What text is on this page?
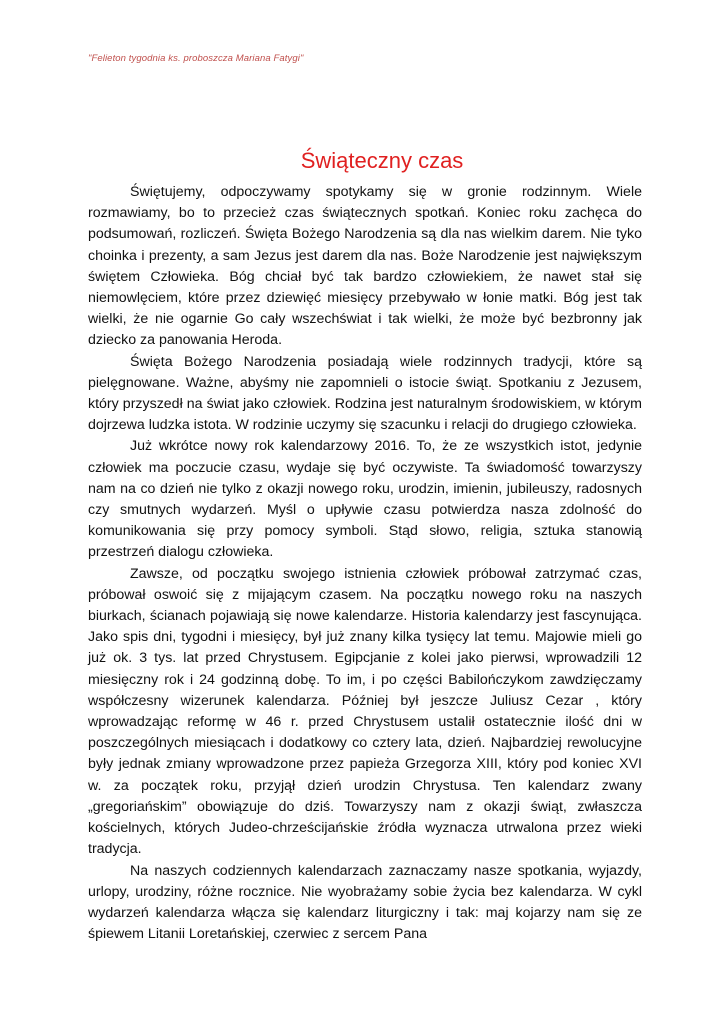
"Felieton tygodnia ks. proboszcza Mariana Fatygi"
Świąteczny czas

Świętujemy, odpoczywamy spotykamy się w gronie rodzinnym. Wiele rozmawiamy, bo to przecież czas świątecznych spotkań. Koniec roku zachęca do podsumowań, rozliczeń. Święta Bożego Narodzenia są dla nas wielkim darem. Nie tyko choinka i prezenty, a sam Jezus jest darem dla nas. Boże Narodzenie jest największym świętem Człowieka. Bóg chciał być tak bardzo człowiekiem, że nawet stał się niemowlęciem, które przez dziewięć miesięcy przebywało w łonie matki. Bóg jest tak wielki, że nie ogarnie Go cały wszechświat i tak wielki, że może być bezbronny jak dziecko za panowania Heroda.

Święta Bożego Narodzenia posiadają wiele rodzinnych tradycji, które są pielęgnowane. Ważne, abyśmy nie zapomnieli o istocie świąt. Spotkaniu z Jezusem, który przyszedł na świat jako człowiek. Rodzina jest naturalnym środowiskiem, w którym dojrzewa ludzka istota. W rodzinie uczymy się szacunku i relacji do drugiego człowieka.

Już wkrótce nowy rok kalendarzowy 2016. To, że ze wszystkich istot, jedynie człowiek ma poczucie czasu, wydaje się być oczywiste. Ta świadomość towarzyszy nam na co dzień nie tylko z okazji nowego roku, urodzin, imienin, jubileuszy, radosnych czy smutnych wydarzeń. Myśl o upływie czasu potwierdza nasza zdolność do komunikowania się przy pomocy symboli. Stąd słowo, religia, sztuka stanowią przestrzeń dialogu człowieka.

Zawsze, od początku swojego istnienia człowiek próbował zatrzymać czas, próbował oswoić się z mijającym czasem. Na początku nowego roku na naszych biurkach, ścianach pojawiają się nowe kalendarze. Historia kalendarzy jest fascynująca. Jako spis dni, tygodni i miesięcy, był już znany kilka tysięcy lat temu. Majowie mieli go już ok. 3 tys. lat przed Chrystusem. Egipcjanie z kolei jako pierwsi, wprowadzili 12 miesięczny rok i 24 godzinną dobę. To im, i po części Babilończykom zawdzięczamy współczesny wizerunek kalendarza. Później był jeszcze Juliusz Cezar , który wprowadzając reformę w 46 r. przed Chrystusem ustalił ostatecznie ilość dni w poszczególnych miesiącach i dodatkowy co cztery lata, dzień. Najbardziej rewolucyjne były jednak zmiany wprowadzone przez papieża Grzegorza XIII, który pod koniec XVI w. za początek roku, przyjął dzień urodzin Chrystusa. Ten kalendarz zwany „gregoriańskim” obowiązuje do dziś. Towarzyszy nam z okazji świąt, zwłaszcza kościelnych, których Judeo-chrześcijańskie źródła wyznacza utrwalona przez wieki tradycja.

Na naszych codziennych kalendarzach zaznaczamy nasze spotkania, wyjazdy, urlopy, urodziny, różne rocznice. Nie wyobrażamy sobie życia bez kalendarza. W cykl wydarzeń kalendarza włącza się kalendarz liturgiczny i tak: maj kojarzy nam się ze śpiewem Litanii Loretańskiej, czerwiec z sercem Pana
